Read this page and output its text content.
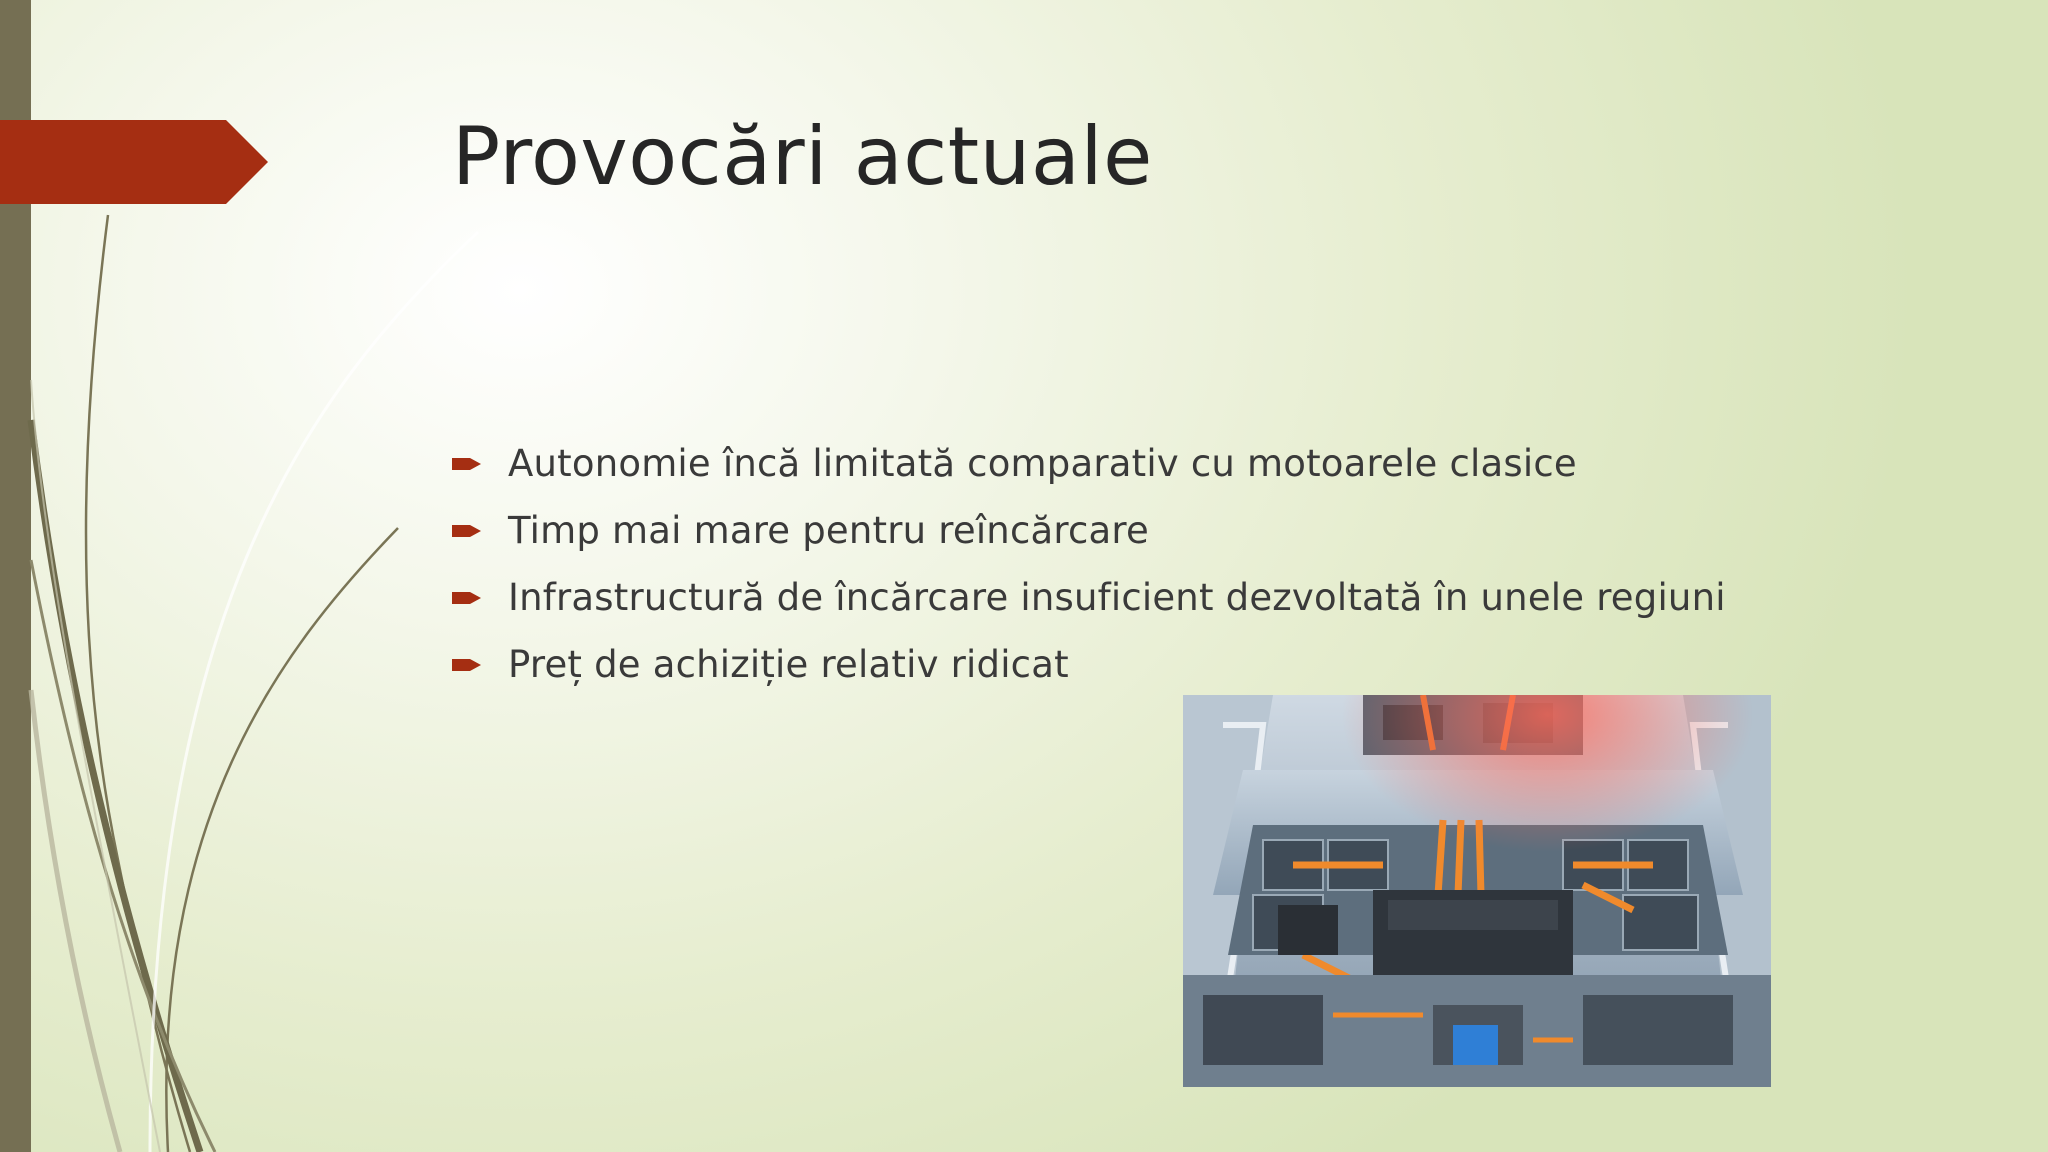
Provocări actuale
Autonomie încă limitată comparativ cu motoarele clasice
Timp mai mare pentru reîncărcare
Infrastructură de încărcare insuficient dezvoltată în unele regiuni
Preț de achiziție relativ ridicat
